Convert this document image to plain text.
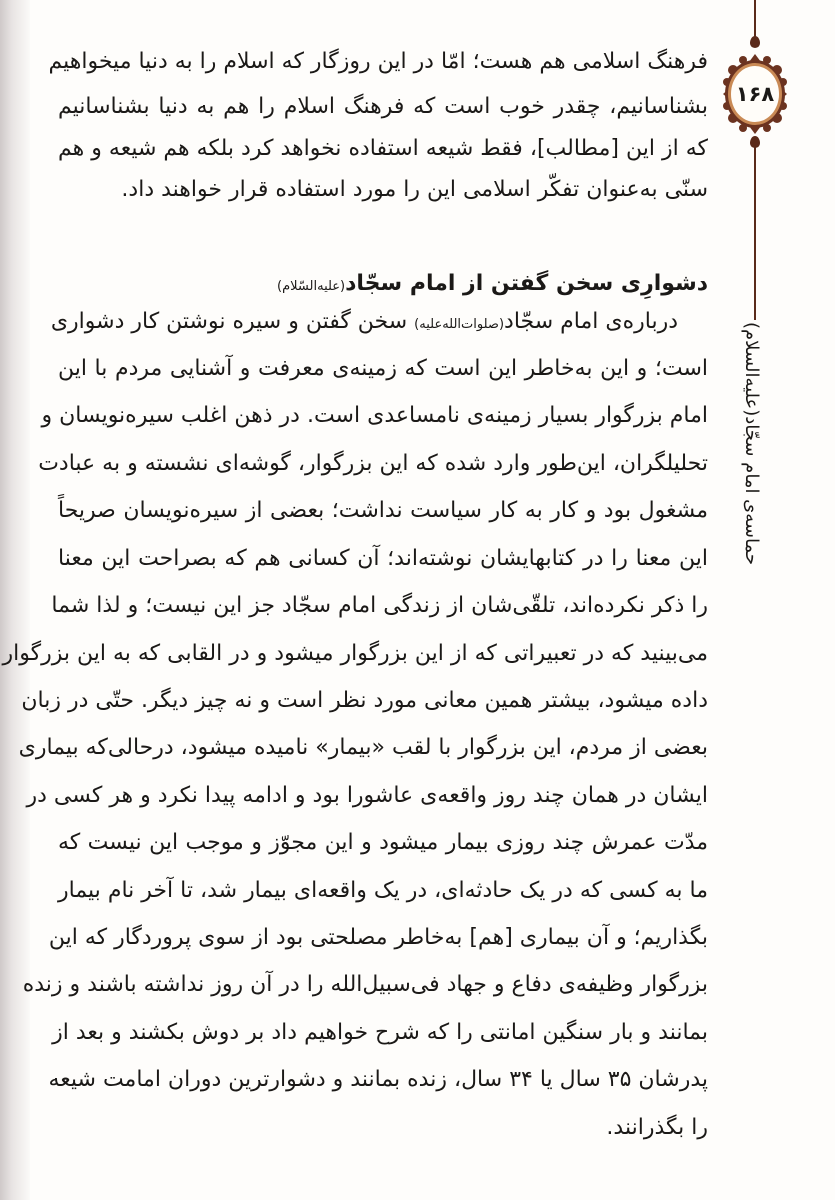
۱۶۸
حماسه‌ی امام سجّاد(علیه‌السلام)
فرهنگ اسلامی هم هست؛ امّا در این روزگار که اسلام را به دنیا میخواهیم
بشناسانیم، چقدر خوب است که فرهنگ اسلام را هم به دنیا بشناسانیم
که از این [مطالب]، فقط شیعه استفاده نخواهد کرد بلکه هم شیعه و هم
سنّی به‌عنوان تفکّر اسلامی این را مورد استفاده قرار خواهند داد.
دشوارِی سخن گفتن از امام سجّاد(علیه‌السّلام)
درباره‌ی امام سجّاد(صلوات‌الله‌علیه) سخن گفتن و سیره نوشتن کار دشواری
است؛ و این به‌خاطر این است که زمینه‌ی معرفت و آشنایی مردم با این
امام بزرگوار بسیار زمینه‌ی نامساعدی است. در ذهن اغلب سیره‌نویسان و
تحلیلگران، این‌طور وارد شده که این بزرگوار، گوشه‌ای نشسته و به عبادت
مشغول بود و کار به کار سیاست نداشت؛ بعضی از سیره‌نویسان صریحاً
این معنا را در کتابهایشان نوشته‌اند؛ آن کسانی هم که بصراحت این معنا
را ذکر نکرده‌اند، تلقّی‌شان از زندگی امام سجّاد جز این نیست؛ و لذا شما
می‌بینید که در تعبیراتی که از این بزرگوار میشود و در القابی که به این بزرگوار
داده میشود، بیشتر همین معانی مورد نظر است و نه چیز دیگر. حتّی در زبان
بعضی از مردم، این بزرگوار با لقب «بیمار» نامیده میشود، درحالی‌که بیماری
ایشان در همان چند روز واقعه‌ی عاشورا بود و ادامه پیدا نکرد و هر کسی در
مدّت عمرش چند روزی بیمار میشود و این مجوّز و موجب این نیست که
ما به کسی که در یک حادثه‌ای، در یک واقعه‌ای بیمار شد، تا آخر نام بیمار
بگذاریم؛ و آن بیماری [هم] به‌خاطر مصلحتی بود از سوی پروردگار که این
بزرگوار وظیفه‌ی دفاع و جهاد فی‌سبیل‌الله را در آن روز نداشته باشند و زنده
بمانند و بار سنگین امانتی را که شرح خواهیم داد بر دوش بکشند و بعد از
پدرشان ۳۵ سال یا ۳۴ سال، زنده بمانند و دشوارترین دوران امامت شیعه
را بگذرانند.
